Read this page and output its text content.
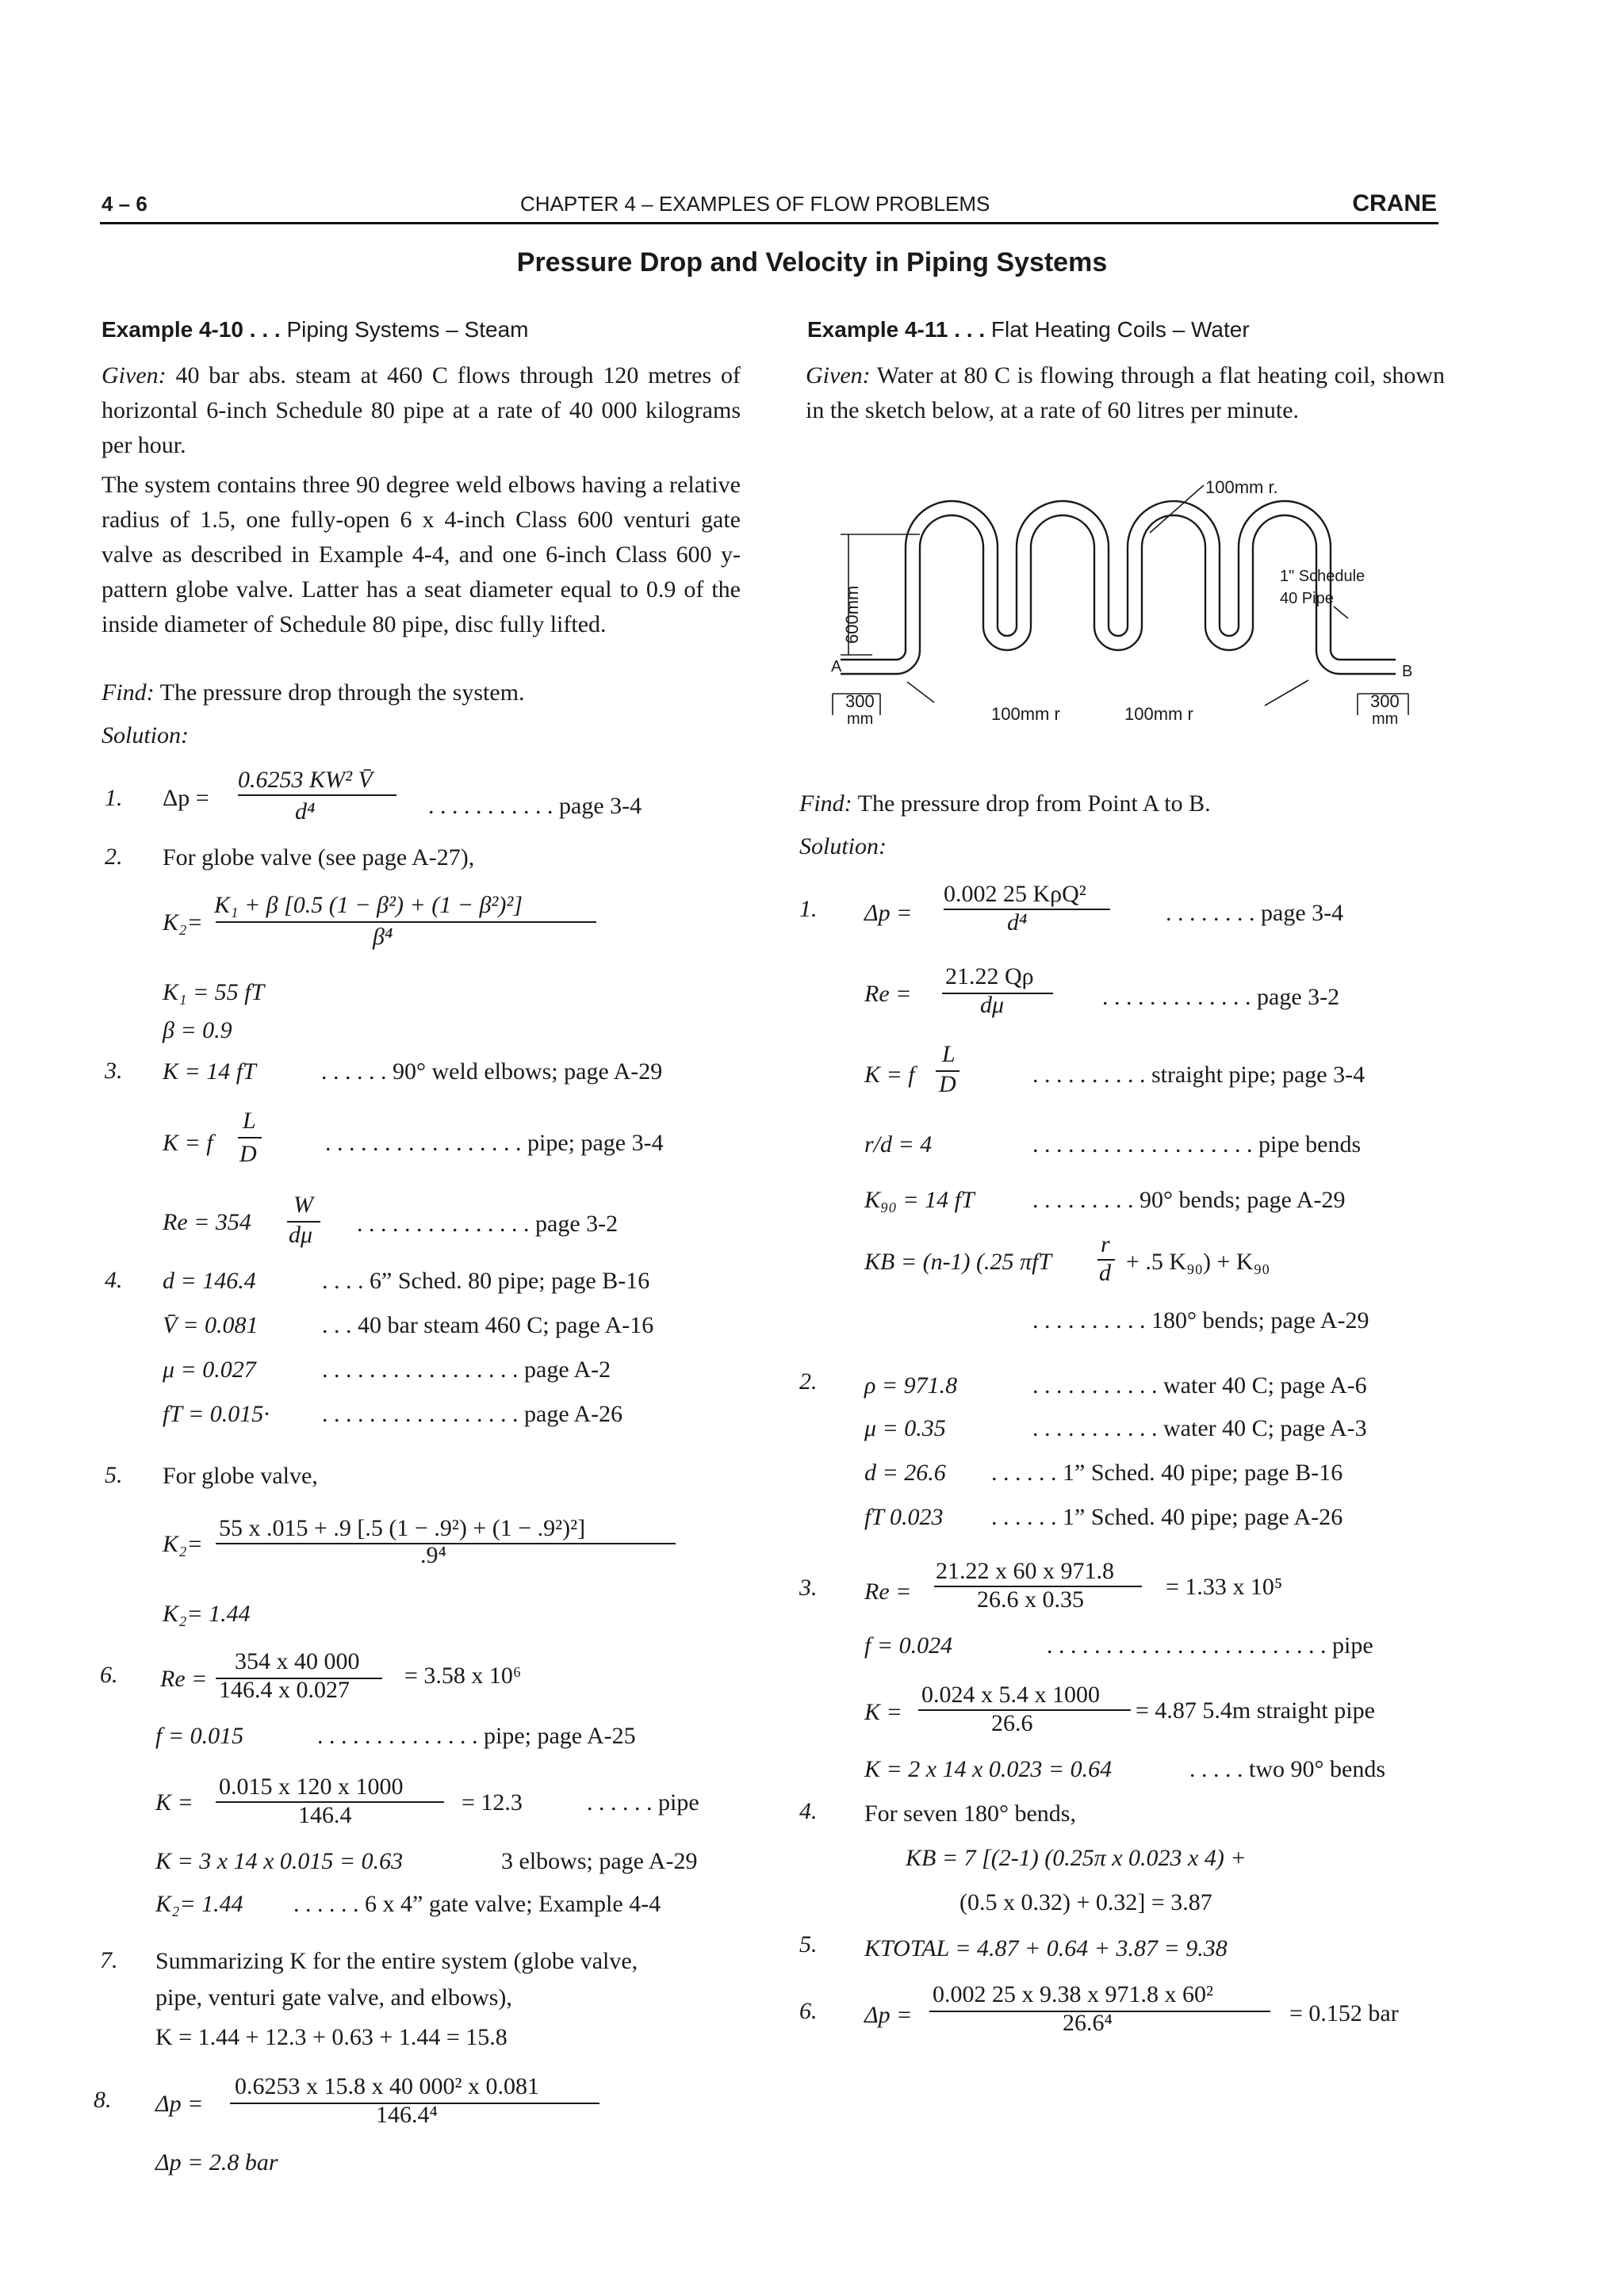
4 – 6	CHAPTER 4 – EXAMPLES OF FLOW PROBLEMS	CRANE
Pressure Drop and Velocity in Piping Systems
Example 4-10 . . . Piping Systems – Steam
Given: 40 bar abs. steam at 460 C flows through 120 metres of horizontal 6-inch Schedule 80 pipe at a rate of 40 000 kilograms per hour.
The system contains three 90 degree weld elbows having a relative radius of 1.5, one fully-open 6 x 4-inch Class 600 venturi gate valve as described in Example 4-4, and one 6-inch Class 600 y-pattern globe valve. Latter has a seat diameter equal to 0.9 of the inside diameter of Schedule 80 pipe, disc fully lifted.
Find: The pressure drop through the system.
Solution:
1. Δp =
0.6253 KW² V̄
d⁴	. . . . . . . . . . . page 3-4
2. For globe valve (see page A-27),
K₂=
K₁ + β [0.5 (1 − β²) + (1 − β²)²]
β⁴
K₁ = 55 fT
β = 0.9
3. K = 14 fT	. . . . . . 90° weld elbows; page A-29
K = f
L
D	. . . . . . . . . . . . . . . . . pipe; page 3-4
Re = 354
W
dμ . . . . . . . . . . . . . . . page 3-2
4. d = 146.4	. . . . 6” Sched. 80 pipe; page B-16
V̄ = 0.081	. . . 40 bar steam 460 C; page A-16
μ = 0.027	. . . . . . . . . . . . . . . . . page A-2
fT = 0.015· . . . . . . . . . . . . . . . . . page A-26
5. For globe valve,
K₂=
55 x .015 + .9 [.5 (1 − .9²) + (1 − .9²)²]
.9⁴
K₂= 1.44
6. Re =
354 x 40 000
146.4 x 0.027
= 3.58 x 10⁶
f = 0.015	. . . . . . . . . . . . . . pipe; page A-25
K =
0.015 x 120 x 1000
146.4	= 12.3	. . . . . . pipe
K = 3 x 14 x 0.015 = 0.63	3 elbows; page A-29
K₂= 1.44 . . . . . . 6 x 4” gate valve; Example 4-4
7. Summarizing K for the entire system (globe valve,
pipe, venturi gate valve, and elbows),
K = 1.44 + 12.3 + 0.63 + 1.44 = 15.8
8. Δp =
0.6253 x 15.8 x 40 000² x 0.081
146.4⁴
Δp = 2.8 bar
Example 4-11 . . . Flat Heating Coils – Water
Given: Water at 80 C is flowing through a flat heating coil, shown in the sketch below, at a rate of 60 litres per minute.
100mm r.
600mm
1" Schedule
40 Pipe
A	B
300
mm
300
mm
100mm r	100mm r
Find: The pressure drop from Point A to B.
Solution:
1. Δp =
0.002 25 KρQ²
d⁴	. . . . . . . . page 3-4
Re =
21.22 Qρ
dμ	. . . . . . . . . . . . . page 3-2
K = f
L
D	. . . . . . . . . . straight pipe; page 3-4
r/d = 4	. . . . . . . . . . . . . . . . . . . pipe bends
K₉₀ = 14 fT . . . . . . . . . 90° bends; page A-29
KB = (n-1) (.25 πfT
r
d + .5 K₉₀) + K₉₀
. . . . . . . . . . 180° bends; page A-29
2. ρ = 971.8	. . . . . . . . . . . water 40 C; page A-6
μ = 0.35	. . . . . . . . . . . water 40 C; page A-3
d = 26.6 . . . . . . 1” Sched. 40 pipe; page B-16
fT 0.023 . . . . . . 1” Sched. 40 pipe; page A-26
3. Re =
21.22 x 60 x 971.8
26.6 x 0.35	= 1.33 x 10⁵
f = 0.024	. . . . . . . . . . . . . . . . . . . . . . . . pipe
K =
0.024 x 5.4 x 1000
26.6	= 4.87 5.4m straight pipe
K = 2 x 14 x 0.023 = 0.64	. . . . . two 90° bends
4. For seven 180° bends,
KB = 7 [(2-1) (0.25π x 0.023 x 4) +
(0.5 x 0.32) + 0.32] = 3.87
5. KTOTAL = 4.87 + 0.64 + 3.87 = 9.38
6. Δp =
0.002 25 x 9.38 x 971.8 x 60²
26.6⁴	= 0.152 bar
